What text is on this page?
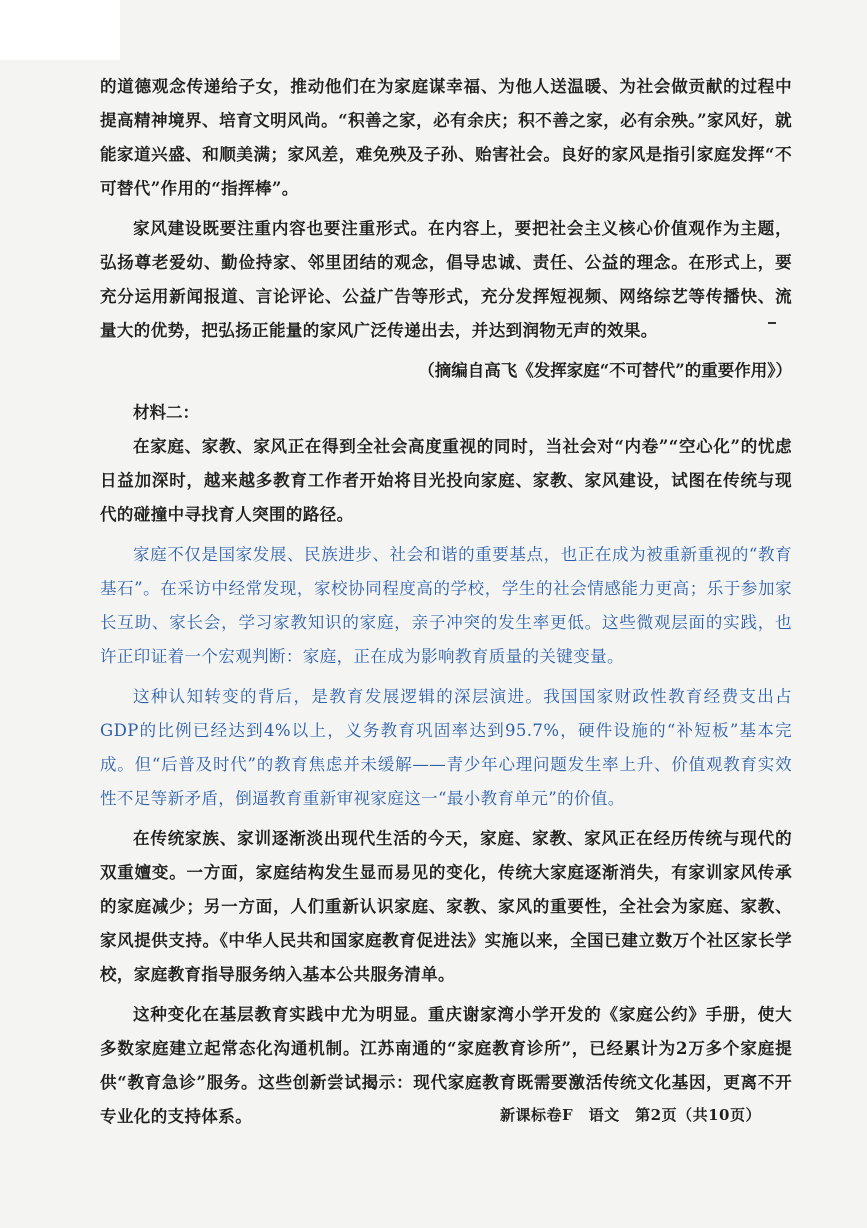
的道德观念传递给子女，推动他们在为家庭谋幸福、为他人送温暖、为社会做贡献的过程中提高精神境界、培育文明风尚。“积善之家，必有余庆；积不善之家，必有余殃。”家风好，就能家道兴盛、和顺美满；家风差，难免殃及子孙、贻害社会。良好的家风是指引家庭发挥“不可替代”作用的“指挥棒”。

家风建设既要注重内容也要注重形式。在内容上，要把社会主义核心价值观作为主题，弘扬尊老爱幼、勤俭持家、邻里团结的观念，倡导忠诚、责任、公益的理念。在形式上，要充分运用新闻报道、言论评论、公益广告等形式，充分发挥短视频、网络综艺等传播快、流量大的优势，把弘扬正能量的家风广泛传递出去，并达到润物无声的效果。

（摘编自高飞《发挥家庭“不可替代”的重要作用》）
材料二：

在家庭、家教、家风正在得到全社会高度重视的同时，当社会对“内卷”“空心化”的忧虑日益加深时，越来越多教育工作者开始将目光投向家庭、家教、家风建设，试图在传统与现代的碰撞中寻找育人突围的路径。

家庭不仅是国家发展、民族进步、社会和谐的重要基点，也正在成为被重新重视的“教育基石”。在采访中经常发现，家校协同程度高的学校，学生的社会情感能力更高；乐于参加家长互助、家长会，学习家教知识的家庭，亲子冲突的发生率更低。这些微观层面的实践，也许正印证着一个宏观判断：家庭，正在成为影响教育质量的关键变量。

这种认知转变的背后，是教育发展逻辑的深层演进。我国国家财政性教育经费支出占GDP的比例已经达到4%以上，义务教育巩固率达到95.7%，硬件设施的“补短板”基本完成。但“后普及时代”的教育焦虑并未缓解——青少年心理问题发生率上升、价值观教育实效性不足等新矛盾，倒逼教育重新审视家庭这一“最小教育单元”的价值。

在传统家族、家训逐渐淡出现代生活的今天，家庭、家教、家风正在经历传统与现代的双重嬗变。一方面，家庭结构发生显而易见的变化，传统大家庭逐渐消失，有家训家风传承的家庭减少；另一方面，人们重新认识家庭、家教、家风的重要性，全社会为家庭、家教、家风提供支持。《中华人民共和国家庭教育促进法》实施以来，全国已建立数万个社区家长学校，家庭教育指导服务纳入基本公共服务清单。

这种变化在基层教育实践中尤为明显。重庆谢家湾小学开发的《家庭公约》手册，使大多数家庭建立起常态化沟通机制。江苏南通的“家庭教育诊所”，已经累计为2万多个家庭提供“教育急诊”服务。这些创新尝试揭示：现代家庭教育既需要激活传统文化基因，更离不开专业化的支持体系。	新课标卷F　语文　第2页（共10页）
